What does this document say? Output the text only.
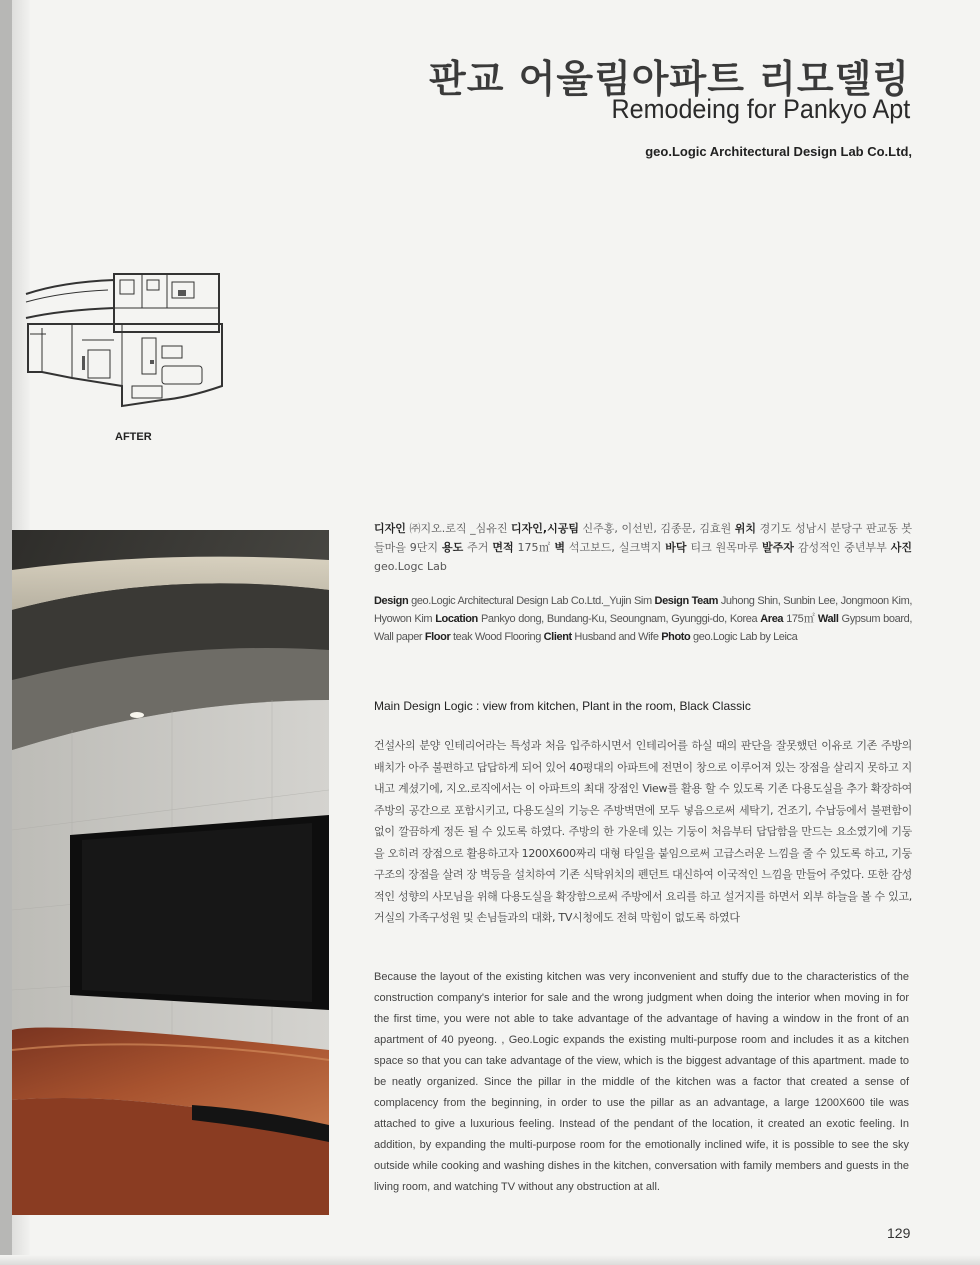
판교 어울림아파트 리모델링
Remodeing for Pankyo Apt
geo.Logic Architectural Design Lab Co.Ltd,
AFTER
디자인 ㈜지오.로직 _심유진 디자인,시공팀 신주홍, 이선빈, 김종문, 김효원 위치 경기도 성남시 분당구 판교동 봇들마을 9단지 용도 주거 면적 175㎡ 벽 석고보드, 실크벽지 바닥 티크 원목마루 발주자 감성적인 중년부부 사진 geo.Logc Lab
Design geo.Logic Architectural Design Lab Co.Ltd._Yujin Sim Design Team Juhong Shin, Sunbin Lee, Jongmoon Kim, Hyowon Kim Location Pankyo dong, Bundang-Ku, Seoungnam, Gyunggi-do, Korea Area 175㎡ Wall Gypsum board, Wall paper Floor teak Wood Flooring Client Husband and Wife Photo geo.Logic Lab by Leica
Main Design Logic : view from kitchen, Plant in the room, Black Classic
건설사의 분양 인테리어라는 특성과 처음 입주하시면서 인테리어를 하실 때의 판단을 잘못했던 이유로 기존 주방의 배치가 아주 불편하고 답답하게 되어 있어 40평대의 아파트에 전면이 창으로 이루어져 있는 장점을 살리지 못하고 지내고 계셨기에, 지오.로직에서는 이 아파트의 최대 장점인 View를 활용 할 수 있도록 기존 다용도실을 추가 확장하여 주방의 공간으로 포함시키고, 다용도실의 기능은 주방벽면에 모두 넣음으로써 세탁기, 건조기, 수납등에서 불편함이 없이 깔끔하게 정돈 될 수 있도록 하였다. 주방의 한 가운데 있는 기둥이 처음부터 답답함을 만드는 요소였기에 기둥을 오히려 장점으로 활용하고자 1200X600짜리 대형 타일을 붙임으로써 고급스러운 느낌을 줄 수 있도록 하고, 기둥구조의 장점을 살려 장 벽등을 설치하여 기존 식탁위치의 펜던트 대신하여 이국적인 느낌을 만들어 주었다. 또한 감성적인 성향의 사모님을 위해 다용도실을 확장함으로써 주방에서 요리를 하고 설거지를 하면서 외부 하늘을 볼 수 있고, 거실의 가족구성원 및 손님들과의 대화, TV시청에도 전혀 막힘이 없도록 하였다
Because the layout of the existing kitchen was very inconvenient and stuffy due to the characteristics of the construction company's interior for sale and the wrong judgment when doing the interior when moving in for the first time, you were not able to take advantage of the advantage of having a window in the front of an apartment of 40 pyeong. , Geo.Logic expands the existing multi-purpose room and includes it as a kitchen space so that you can take advantage of the view, which is the biggest advantage of this apartment. made to be neatly organized. Since the pillar in the middle of the kitchen was a factor that created a sense of complacency from the beginning, in order to use the pillar as an advantage, a large 1200X600 tile was attached to give a luxurious feeling. Instead of the pendant of the location, it created an exotic feeling. In addition, by expanding the multi-purpose room for the emotionally inclined wife, it is possible to see the sky outside while cooking and washing dishes in the kitchen, conversation with family members and guests in the living room, and watching TV without any obstruction at all.
129
